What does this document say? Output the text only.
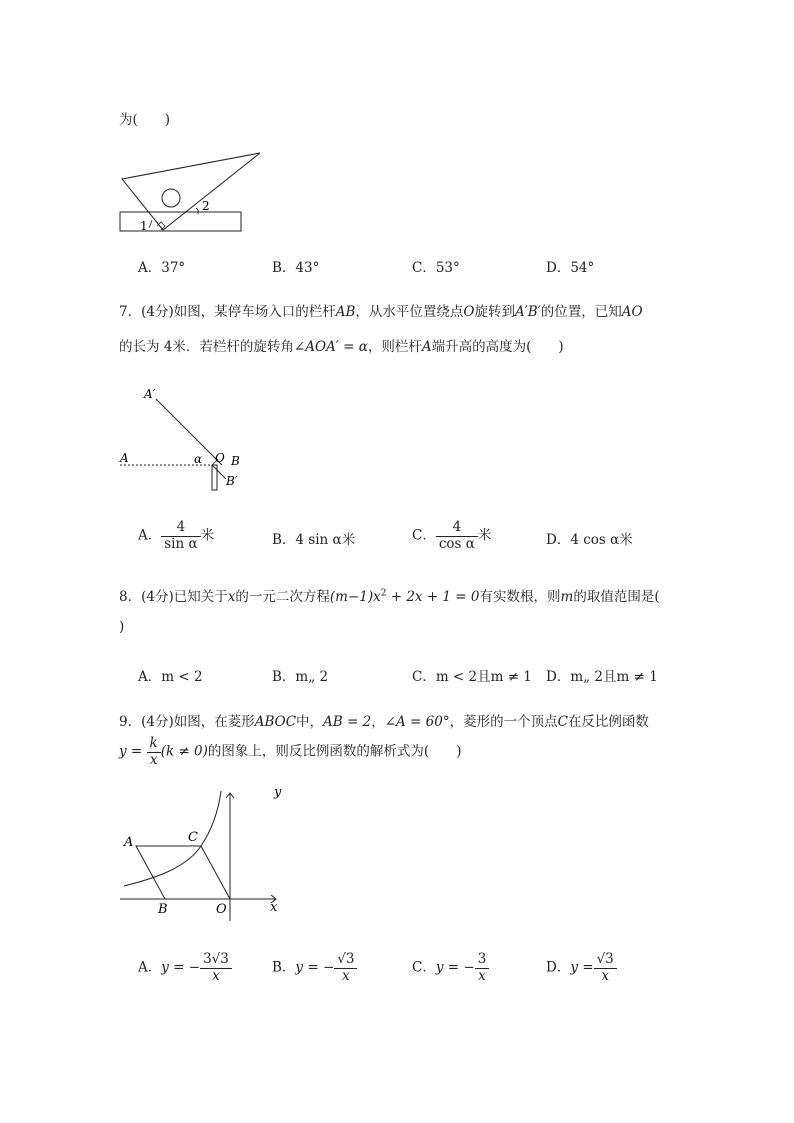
为(　　)
1
2
A．37°	B．43°	C．53°	D．54°
7．(4分)如图，某停车场入口的栏杆AB，从水平位置绕点O旋转到A′B′的位置，已知AO
的长为 4米．若栏杆的旋转角∠AOA′ = α，则栏杆A端升高的高度为(　　)
A′
A	α O B
B′
A． $\frac{4}{\text{sin α}}$ 米	B．4 sin α米	C． $\frac{4}{\text{cos α}}$ 米	D．4 cos α米
8．(4分)已知关于x的一元二次方程$(m-1)x^2 + 2x + 1 = 0$有实数根，则m的取值范围是(
)
A．m < 2	B．m„ 2	C．m < 2且m ≠ 1 D．m„ 2且m ≠ 1
9．(4分)如图，在菱形ABOC中，AB = 2，∠A = 60°，菱形的一个顶点C在反比例函数
$y = \frac{k}{x} (k \ne 0)$的图象上，则反比例函数的解析式为(　　)
y
A	C
B	O	x
A．y = − $\frac{3√3}{x}$	B．y = − $\frac{√3}{x}$	C．y = − $\frac{3}{x}$	D．$y = \frac{√3}{x}$
